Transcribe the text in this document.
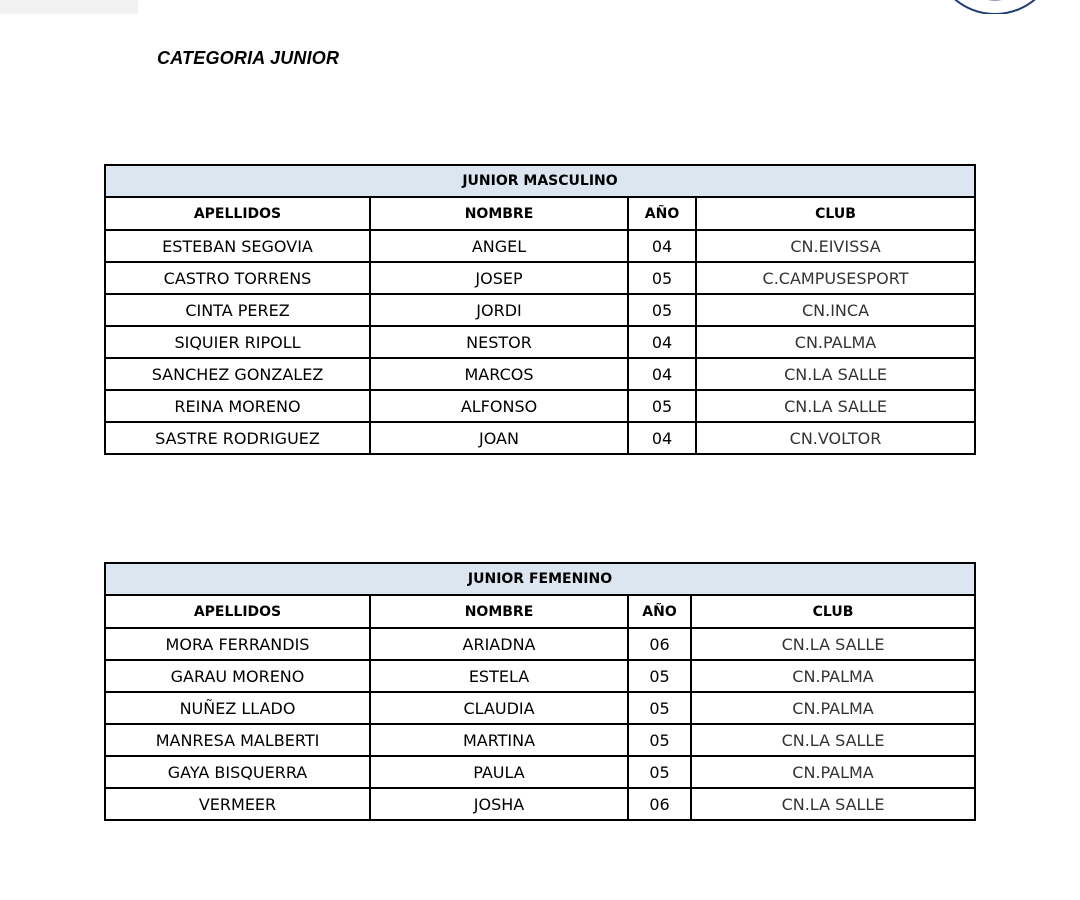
CATEGORIA JUNIOR
JUNIOR MASCULINO			
APELLIDOS	NOMBRE	AÑO	CLUB
ESTEBAN SEGOVIA	ANGEL	04	CN.EIVISSA
CASTRO TORRENS	JOSEP	05	C.CAMPUSESPORT
CINTA PEREZ	JORDI	05	CN.INCA
SIQUIER RIPOLL	NESTOR	04	CN.PALMA
SANCHEZ GONZALEZ	MARCOS	04	CN.LA SALLE
REINA MORENO	ALFONSO	05	CN.LA SALLE
SASTRE RODRIGUEZ	JOAN	04	CN.VOLTOR
JUNIOR FEMENINO			
APELLIDOS	NOMBRE	AÑO	CLUB
MORA FERRANDIS	ARIADNA	06	CN.LA SALLE
GARAU MORENO	ESTELA	05	CN.PALMA
NUÑEZ LLADO	CLAUDIA	05	CN.PALMA
MANRESA MALBERTI	MARTINA	05	CN.LA SALLE
GAYA BISQUERRA	PAULA	05	CN.PALMA
VERMEER	JOSHA	06	CN.LA SALLE
